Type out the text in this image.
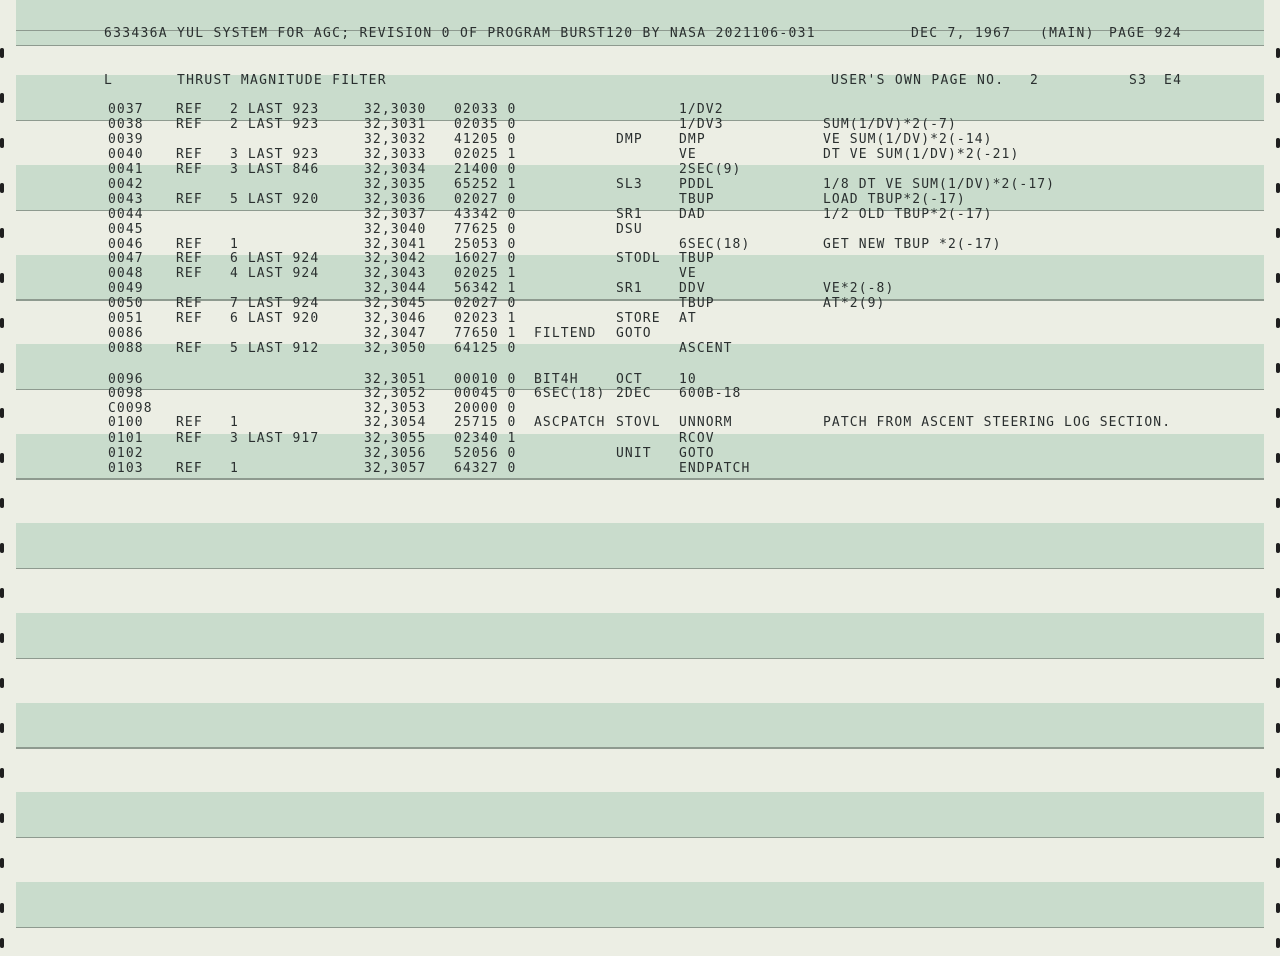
633436A YUL SYSTEM FOR AGC; REVISION 0 OF PROGRAM BURST120 BY NASA 2021106-031	DEC 7, 1967 (MAIN) PAGE 924
L	THRUST MAGNITUDE FILTER	USER'S OWN PAGE NO. 2	S3 E4
0037 REF 2 LAST 923	32,3030 02033 0	1/DV2
0038 REF 2 LAST 923	32,3031 02035 0	1/DV3	SUM(1/DV)*2(-7)
0039	32,3032 41205 0	DMP	DMP	VE SUM(1/DV)*2(-14)
0040 REF 3 LAST 923	32,3033 02025 1	VE	DT VE SUM(1/DV)*2(-21)
0041 REF 3 LAST 846	32,3034 21400 0	2SEC(9)
0042	32,3035 65252 1	SL3	PDDL	1/8 DT VE SUM(1/DV)*2(-17)
0043 REF 5 LAST 920	32,3036 02027 0	TBUP	LOAD TBUP*2(-17)
0044	32,3037 43342 0	SR1	DAD	1/2 OLD TBUP*2(-17)
0045	32,3040 77625 0	DSU
0046 REF 1	32,3041 25053 0	6SEC(18)	GET NEW TBUP *2(-17)
0047 REF 6 LAST 924	32,3042 16027 0	STODL TBUP
0048 REF 4 LAST 924	32,3043 02025 1	VE
0049	32,3044 56342 1	SR1	DDV	VE*2(-8)
0050 REF 7 LAST 924	32,3045 02027 0	TBUP	AT*2(9)
0051 REF 6 LAST 920	32,3046 02023 1	STORE AT
0086	32,3047 77650 1 FILTEND GOTO
0088 REF 5 LAST 912	32,3050 64125 0	ASCENT
0096	32,3051 00010 0 BIT4H	OCT	10
0098	32,3052 00045 0 6SEC(18) 2DEC 600B-18
C0098	32,3053 20000 0
0100 REF 1	32,3054 25715 0 ASCPATCH STOVL UNNORM	PATCH FROM ASCENT STEERING LOG SECTION.
0101 REF 3 LAST 917	32,3055 02340 1	RCOV
0102	32,3056 52056 0	UNIT GOTO
0103 REF 1	32,3057 64327 0	ENDPATCH
